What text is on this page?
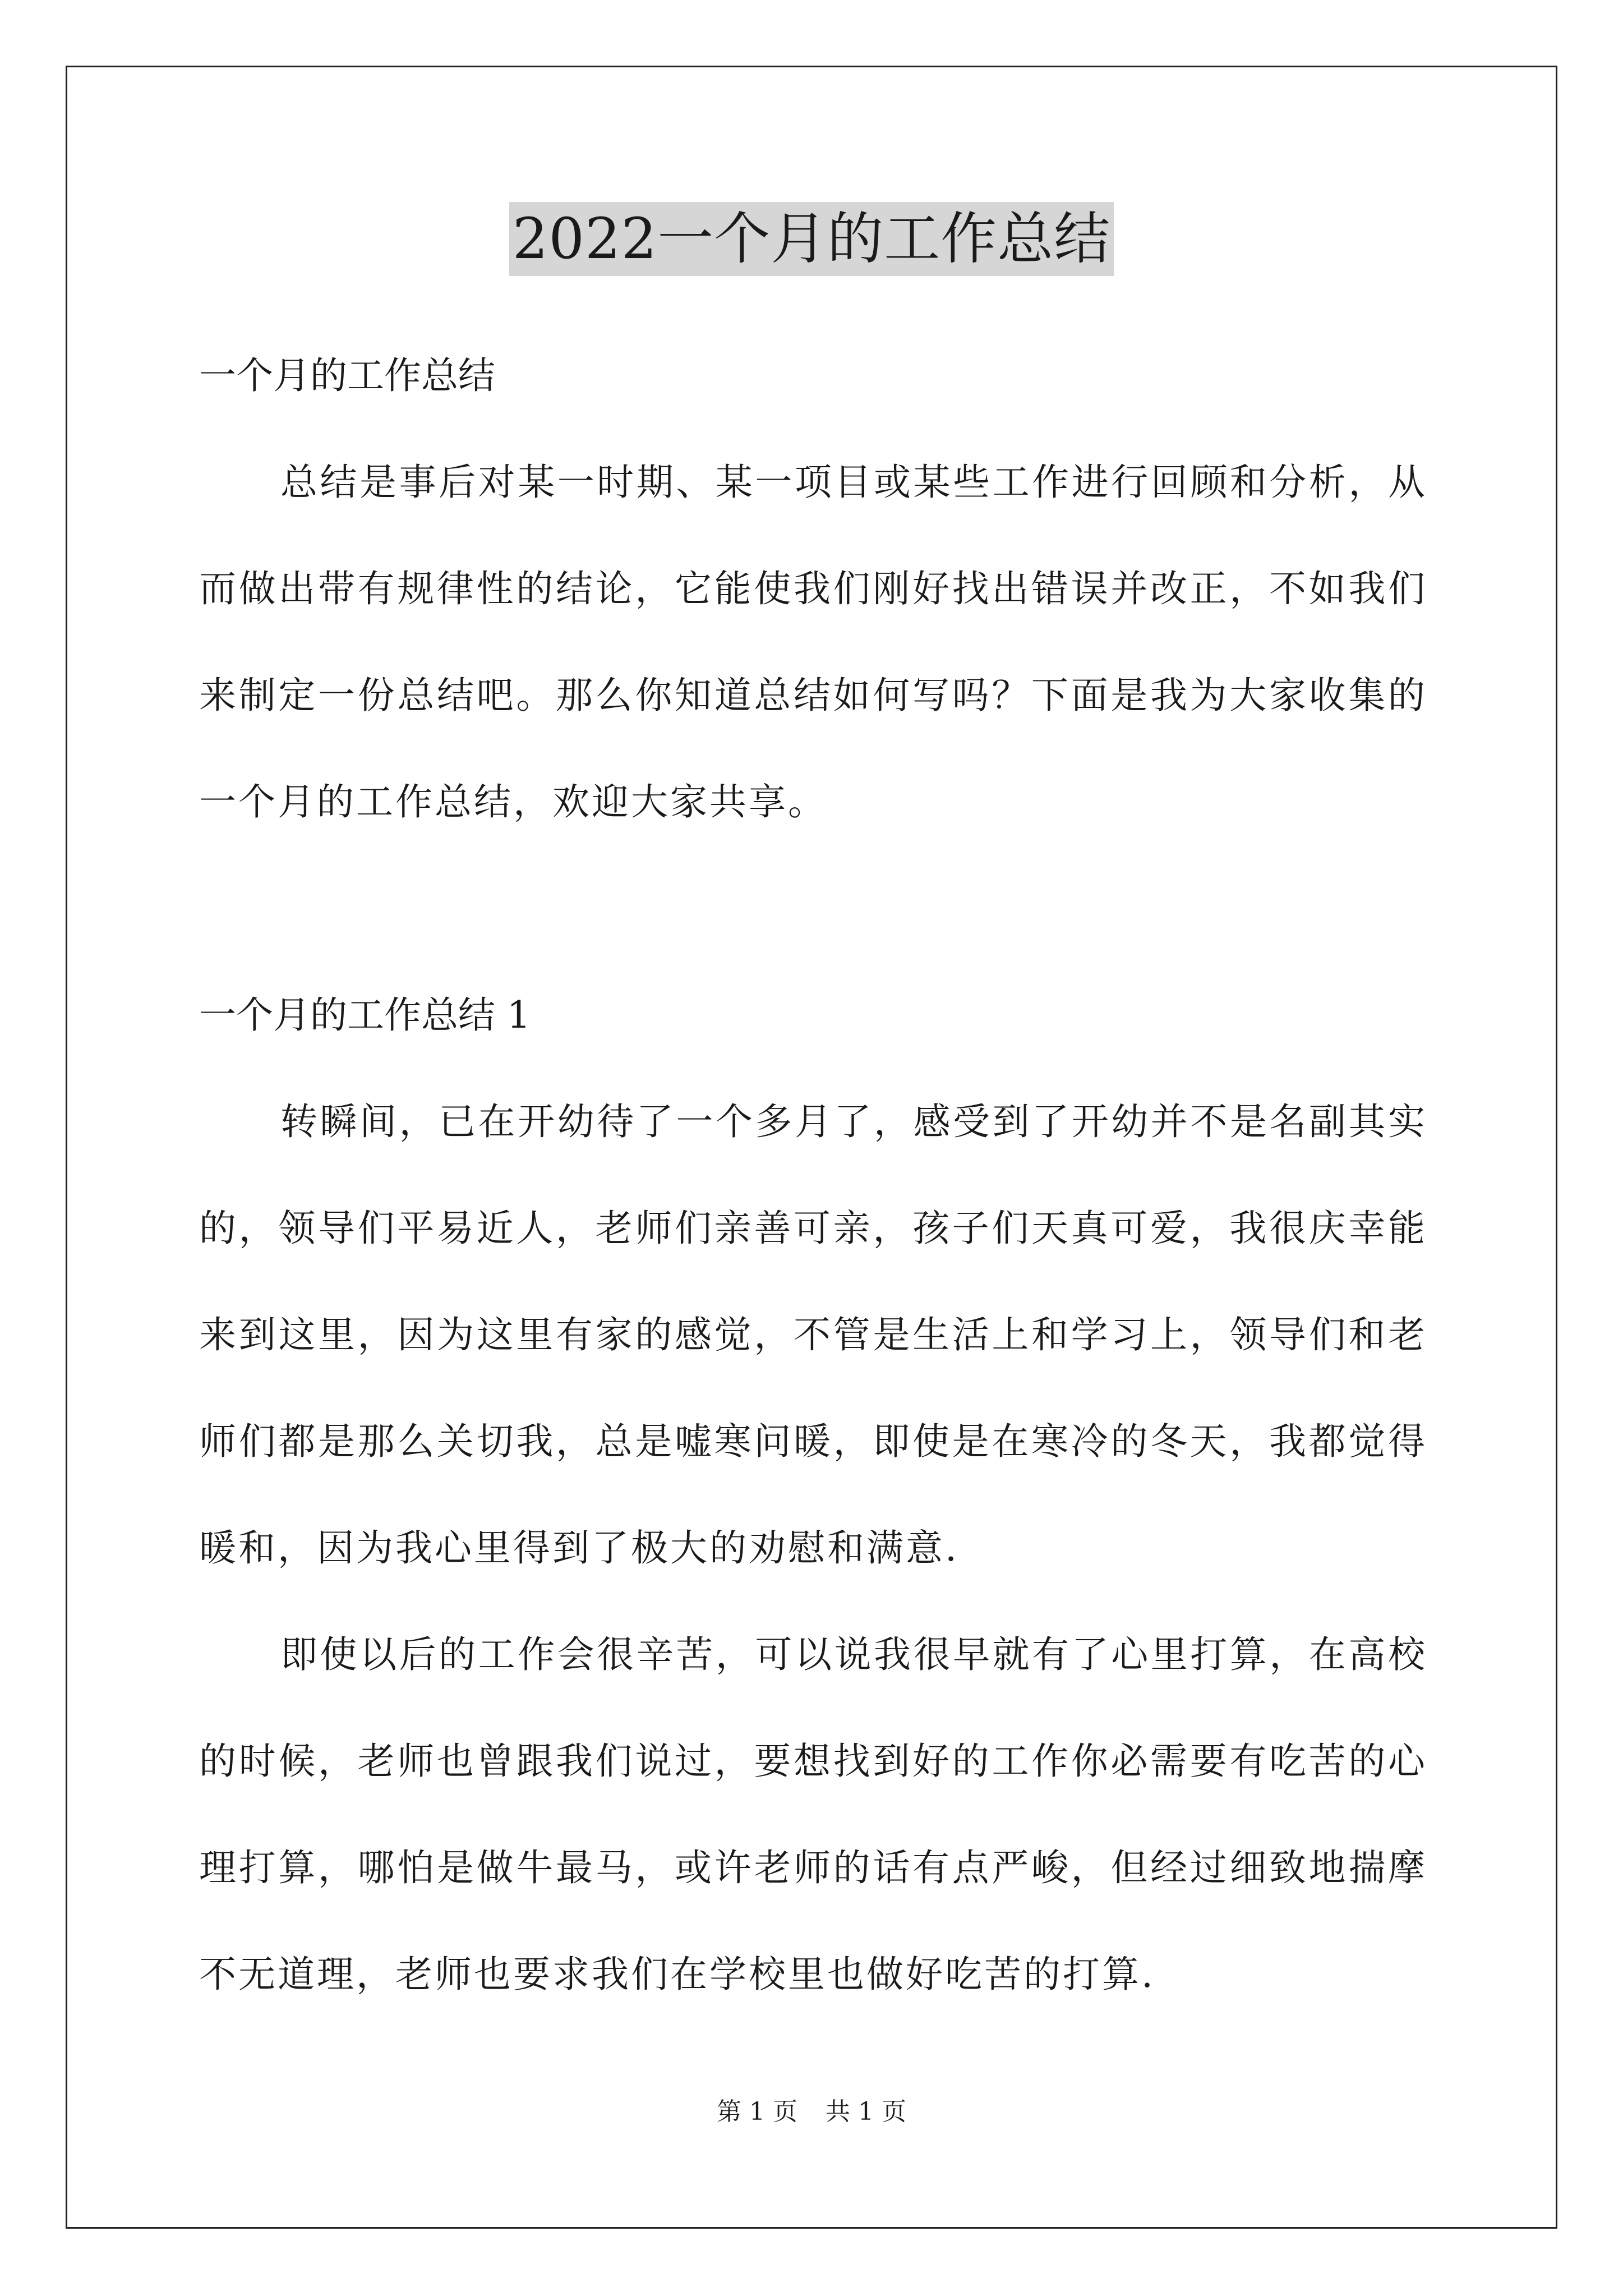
2022一个月的工作总结

一个月的工作总结

总结是事后对某一时期、某一项目或某些工作进行回顾和分析，从而做出带有规律性的结论，它能使我们刚好找出错误并改正，不如我们来制定一份总结吧。那么你知道总结如何写吗？下面是我为大家收集的一个月的工作总结，欢迎大家共享。

一个月的工作总结 1

转瞬间，已在开幼待了一个多月了，感受到了开幼并不是名副其实的，领导们平易近人，老师们亲善可亲，孩子们天真可爱，我很庆幸能来到这里，因为这里有家的感觉，不管是生活上和学习上，领导们和老师们都是那么关切我，总是嘘寒问暖，即使是在寒冷的冬天，我都觉得暖和，因为我心里得到了极大的劝慰和满意.

即使以后的工作会很辛苦，可以说我很早就有了心里打算，在高校的时候，老师也曾跟我们说过，要想找到好的工作你必需要有吃苦的心理打算，哪怕是做牛最马，或许老师的话有点严峻，但经过细致地揣摩不无道理，老师也要求我们在学校里也做好吃苦的打算.

第 1 页 共 1 页
